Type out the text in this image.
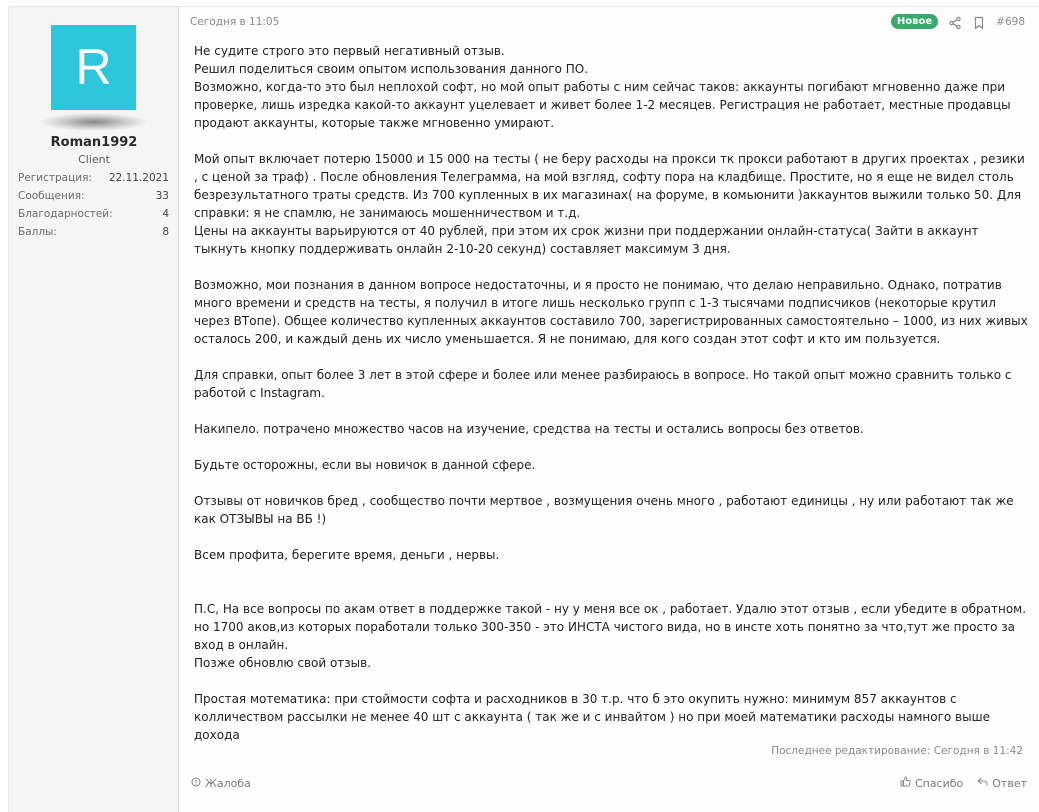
R
Roman1992
Client
Регистрация: 22.11.2021
Сообщения:	33
Благодарностей:	4
Баллы:	8
Сегодня в 11:05	Новое	#698

Не судите строго это первый негативный отзыв.
Решил поделиться своим опытом использования данного ПО.
Возможно, когда-то это был неплохой софт, но мой опыт работы с ним сейчас таков: аккаунты погибают мгновенно даже при проверке, лишь изредка какой-то аккаунт уцелевает и живет более 1-2 месяцев. Регистрация не работает, местные продавцы продают аккаунты, которые также мгновенно умирают.

Мой опыт включает потерю 15000 и 15 000 на тесты ( не беру расходы на прокси тк прокси работают в других проектах , резики , с ценой за траф) . После обновления Телеграмма, на мой взгляд, софту пора на кладбище. Простите, но я еще не видел столь безрезультатного траты средств. Из 700 купленных в их магазинах( на форуме, в комьюнити )аккаунтов выжили только 50. Для справки: я не спамлю, не занимаюсь мошенничеством и т.д.
Цены на аккаунты варьируются от 40 рублей, при этом их срок жизни при поддержании онлайн-статуса( Зайти в аккаунт тыкнуть кнопку поддерживать онлайн 2-10-20 секунд) составляет максимум 3 дня.

Возможно, мои познания в данном вопросе недостаточны, и я просто не понимаю, что делаю неправильно. Однако, потратив много времени и средств на тесты, я получил в итоге лишь несколько групп с 1-3 тысячами подписчиков (некоторые крутил через ВТопе). Общее количество купленных аккаунтов составило 700, зарегистрированных самостоятельно – 1000, из них живых осталось 200, и каждый день их число уменьшается. Я не понимаю, для кого создан этот софт и кто им пользуется.

Для справки, опыт более 3 лет в этой сфере и более или менее разбираюсь в вопросе. Но такой опыт можно сравнить только с работой с Instagram.

Накипело. потрачено множество часов на изучение, средства на тесты и остались вопросы без ответов.

Будьте осторожны, если вы новичок в данной сфере.

Отзывы от новичков бред , сообщество почти мертвое , возмущения очень много , работают единицы , ну или работают так же как ОТЗЫВЫ на ВБ !)

Всем профита, берегите время, деньги , нервы.

П.С, На все вопросы по акам ответ в поддержке такой - ну у меня все ок , работает. Удалю этот отзыв , если убедите в обратном. но 1700 аков,из которых поработали только 300-350 - это ИНСТА чистого вида, но в инсте хоть понятно за что,тут же просто за вход в онлайн.
Позже обновлю свой отзыв.

Простая мотематика: при стоймости софта и расходников в 30 т.р. что б это окупить нужно: минимум 857 аккаунтов с колличеством рассылки не менее 40 шт с аккаунта ( так же и с инвайтом ) но при моей математики расходы намного выше дохода

Последнее редактирование: Сегодня в 11:42
Жалоба	Спасибо	Ответ
